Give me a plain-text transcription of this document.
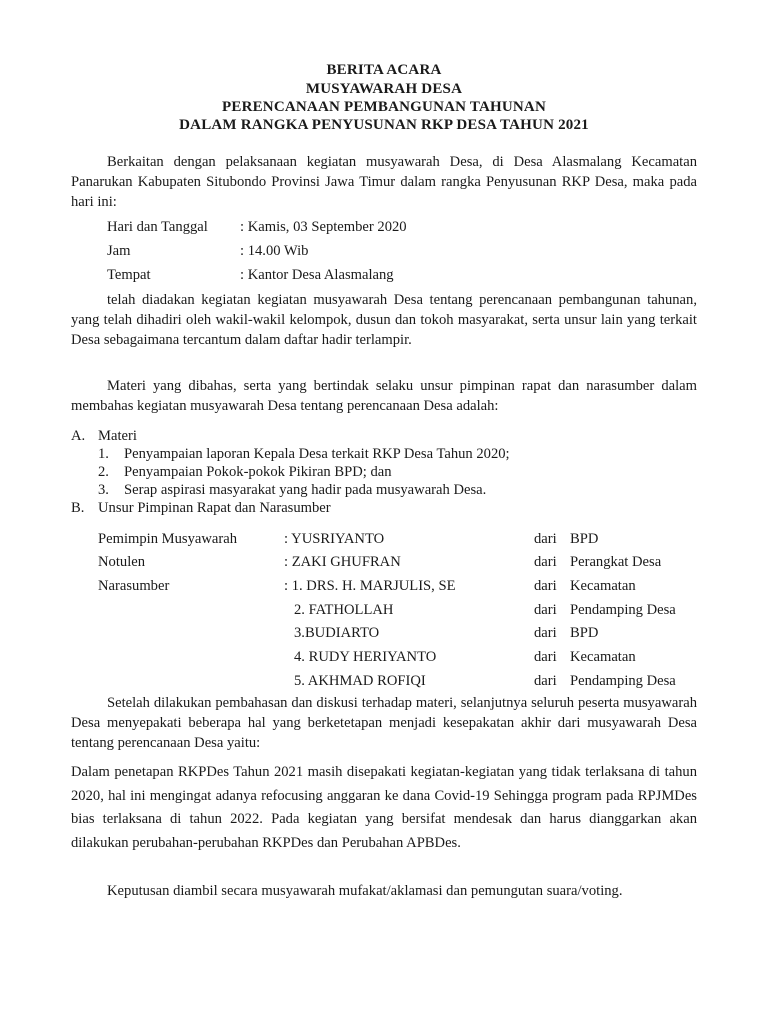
BERITA ACARA
MUSYAWARAH DESA
PERENCANAAN PEMBANGUNAN TAHUNAN
DALAM RANGKA PENYUSUNAN RKP DESA TAHUN 2021
Berkaitan dengan pelaksanaan kegiatan musyawarah Desa, di Desa Alasmalang Kecamatan Panarukan Kabupaten Situbondo Provinsi Jawa Timur dalam rangka Penyusunan RKP Desa, maka pada hari ini:
Hari dan Tanggal : Kamis, 03 September 2020
Jam	: 14.00 Wib
Tempat	: Kantor Desa Alasmalang
telah diadakan kegiatan kegiatan musyawarah Desa tentang perencanaan pembangunan tahunan, yang telah dihadiri oleh wakil-wakil kelompok, dusun dan tokoh masyarakat, serta unsur lain yang terkait Desa sebagaimana tercantum dalam daftar hadir terlampir.
Materi yang dibahas, serta yang bertindak selaku unsur pimpinan rapat dan narasumber dalam membahas kegiatan musyawarah Desa tentang perencanaan Desa adalah:
A. Materi
1. Penyampaian laporan Kepala Desa terkait RKP Desa Tahun 2020;
2. Penyampaian Pokok-pokok Pikiran BPD; dan
3. Serap aspirasi masyarakat yang hadir pada musyawarah Desa.
B. Unsur Pimpinan Rapat dan Narasumber
Pemimpin Musyawarah	: YUSRIYANTO	dari BPD
Notulen	: ZAKI GHUFRAN	dari Perangkat Desa
Narasumber	: 1. DRS. H. MARJULIS, SE	dari Kecamatan
2. FATHOLLAH	dari Pendamping Desa
3.BUDIARTO	dari BPD
4. RUDY HERIYANTO	dari Kecamatan
5. AKHMAD ROFIQI	dari Pendamping Desa
Setelah dilakukan pembahasan dan diskusi terhadap materi, selanjutnya seluruh peserta musyawarah Desa menyepakati beberapa hal yang berketetapan menjadi kesepakatan akhir dari musyawarah Desa tentang perencanaan Desa yaitu:
Dalam penetapan RKPDes Tahun 2021 masih disepakati kegiatan-kegiatan yang tidak terlaksana di tahun 2020, hal ini mengingat adanya refocusing anggaran ke dana Covid-19 Sehingga program pada RPJMDes bias terlaksana di tahun 2022. Pada kegiatan yang bersifat mendesak dan harus dianggarkan akan dilakukan perubahan-perubahan RKPDes dan Perubahan APBDes.
Keputusan diambil secara musyawarah mufakat/aklamasi dan pemungutan suara/voting.
